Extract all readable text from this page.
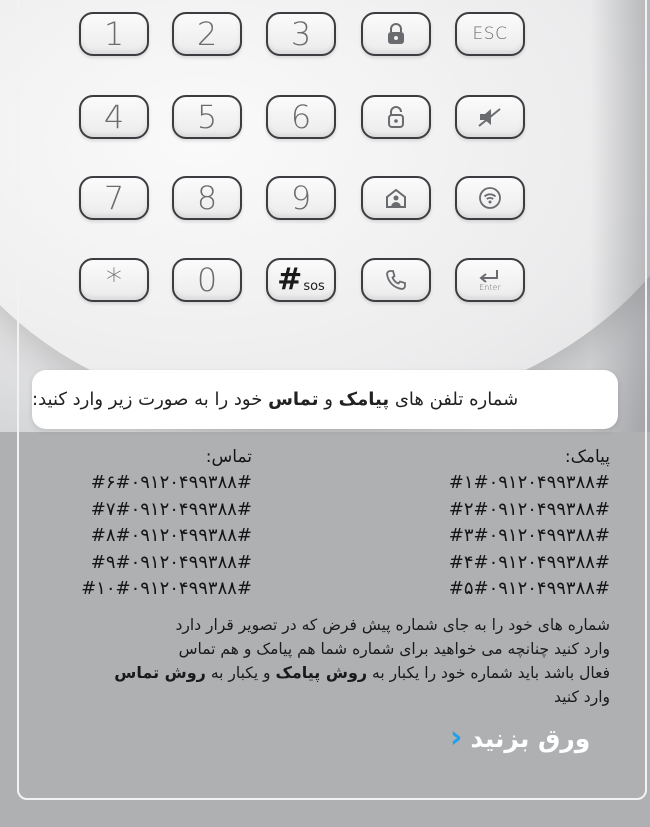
1 2 3	ESC
4 5 6
7 8 9
* 0 # sos	Enter
شماره تلفن های پیامک و تماس خود را به صورت زیر وارد کنید:
پیامک:
#۱#۰۹۱۲۰۴۹۹۳۸۸#
#۲#۰۹۱۲۰۴۹۹۳۸۸#
#۳#۰۹۱۲۰۴۹۹۳۸۸#
#۴#۰۹۱۲۰۴۹۹۳۸۸#
#۵#۰۹۱۲۰۴۹۹۳۸۸#
تماس:
#۶#۰۹۱۲۰۴۹۹۳۸۸#
#۷#۰۹۱۲۰۴۹۹۳۸۸#
#۸#۰۹۱۲۰۴۹۹۳۸۸#
#۹#۰۹۱۲۰۴۹۹۳۸۸#
#۱۰#۰۹۱۲۰۴۹۹۳۸۸#
شماره های خود را به جای شماره پیش فرض که در تصویر قرار دارد
وارد کنید چنانچه می خواهید برای شماره شما هم پیامک و هم تماس
فعال باشد باید شماره خود را یکبار به روش پیامک و یکبار به روش تماس
وارد کنید
‹ ورق بزنید
